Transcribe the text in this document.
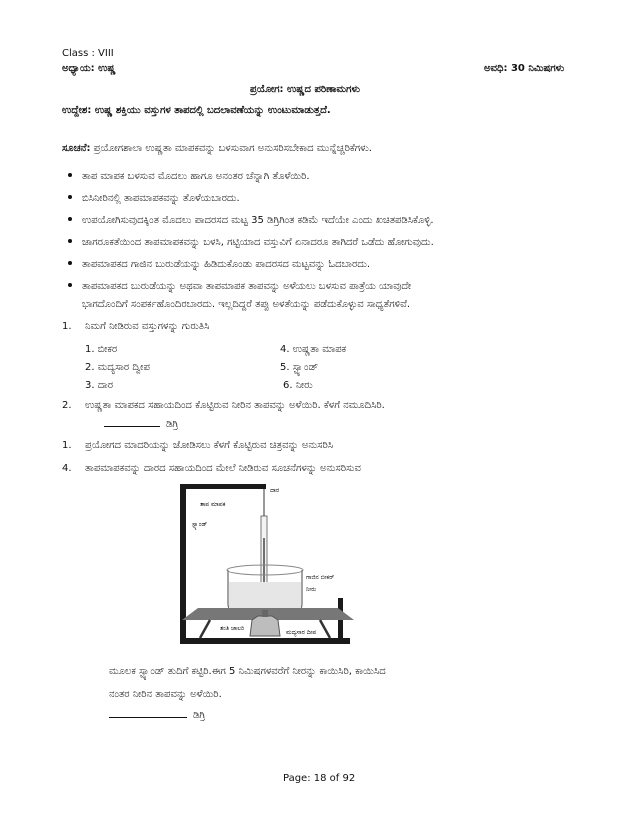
Class : VIII
ಅಧ್ಯಾಯ: ಉಷ್ಣ	ಅವಧಿ: 30 ನಿಮಿಷಗಳು
ಪ್ರಯೋಗ: ಉಷ್ಣದ ಪರಿಣಾಮಗಳು
ಉದ್ದೇಶ: ಉಷ್ಣ ಶಕ್ತಿಯು ವಸ್ತುಗಳ ತಾಪದಲ್ಲಿ ಬದಲಾವಣೆಯನ್ನು ಉಂಟುಮಾಡುತ್ತದೆ.
ಸೂಚನೆ: ಪ್ರಯೋಗಶಾಲಾ ಉಷ್ಣತಾ ಮಾಪಕವನ್ನು ಬಳಸುವಾಗ ಅನುಸರಿಸಬೇಕಾದ ಮುನ್ನೆಚ್ಚರಿಕೆಗಳು.
ತಾಪ ಮಾಪಕ ಬಳಸುವ ಮೊದಲು ಹಾಗೂ ಅನಂತರ ಚೆನ್ನಾಗಿ ತೊಳೆಯಿರಿ.
ಬಿಸಿನೀರಿನಲ್ಲಿ ತಾಪಮಾಪಕವನ್ನು ತೊಳೆಯಬಾರದು.
ಉಪಯೋಗಿಸುವುದಕ್ಕಿಂತ ಮೊದಲು ಪಾದರಸದ ಮಟ್ಟ 35 ಡಿಗ್ರಿಗಿಂತ ಕಡಿಮೆ ಇದೆಯೇ ಎಂದು ಖಚಿತಪಡಿಸಿಕೊಳ್ಳಿ.
ಜಾಗರೂಕತೆಯಿಂದ ತಾಪಮಾಪಕವನ್ನು ಬಳಸಿ, ಗಟ್ಟಿಯಾದ ವಸ್ತುವಿಗೆ ಏನಾದರೂ ತಾಗಿದರೆ ಒಡೆದು ಹೋಗುವುದು.
ತಾಪಮಾಪಕದ ಗಾಜಿನ ಬುರುಡೆಯನ್ನು ಹಿಡಿದುಕೊಂಡು ಪಾದರಸದ ಮಟ್ಟವನ್ನು ಓದಬಾರದು.
ತಾಪಮಾಪಕದ ಬುರುಡೆಯನ್ನು ಅಥವಾ ತಾಪಮಾಪಕ ತಾಪವನ್ನು ಅಳೆಯಲು ಬಳಸುವ ಪಾತ್ರೆಯ ಯಾವುದೇ
ಭಾಗದೊಂದಿಗೆ ಸಂಪರ್ಕಹೊಂದಿರಬಾರದು. ಇಲ್ಲದಿದ್ದರೆ ತಪ್ಪು ಅಳತೆಯನ್ನು ಪಡೆದುಕೊಳ್ಳುವ ಸಾಧ್ಯತೆಗಳಿವೆ.
1. ನಿಮಗೆ ನೀಡಿರುವ ವಸ್ತುಗಳನ್ನು ಗುರುತಿಸಿ
1. ಬೀಕರ
2. ಮದ್ಯಸಾರ ದ್ವೀಪ
3. ದಾರ
4. ಉಷ್ಣತಾ ಮಾಪಕ
5. ಸ್ಟ್ಯಾಂಡ್
6. ನೀರು
2. ಉಷ್ಣತಾ ಮಾಪಕದ ಸಹಾಯದಿಂದ ಕೊಟ್ಟಿರುವ ನೀರಿನ ತಾಪವನ್ನು ಅಳೆಯಿರಿ. ಕೆಳಗೆ ನಮೂದಿಸಿರಿ.
ಡಿಗ್ರಿ
1. ಪ್ರಯೋಗದ ಮಾದರಿಯನ್ನು ಜೋಡಿಸಲು ಕೆಳಗೆ ಕೊಟ್ಟಿರುವ ಚಿತ್ರವನ್ನು ಅನುಸರಿಸಿ
4. ತಾಪಮಾಪಕವನ್ನು ದಾರದ ಸಹಾಯದಿಂದ ಮೇಲೆ ನೀಡಿರುವ ಸೂಚನೆಗಳನ್ನು ಅನುಸರಿಸುವ
ದಾರ
ತಾಪ ಮಾಪಕ
ಸ್ಟ್ಯಾಂಡ್
ಗಾಜಿನ ಬೀಕರ್
ನೀರು
ತಂತಿ ಜಾಲರಿ
ಮದ್ಯಸಾರ ದೀಪ
ಮೂಲಕ ಸ್ಟ್ಯಾಂಡ್ ತುದಿಗೆ ಕಟ್ಟಿರಿ.ಈಗ 5 ನಿಮಿಷಗಳವರೆಗೆ ನೀರನ್ನು ಕಾಯಿಸಿರಿ, ಕಾಯಿಸಿದ
ನಂತರ ನೀರಿನ ತಾಪವನ್ನು ಅಳೆಯಿರಿ.
ಡಿಗ್ರಿ
Page: 18 of 92
